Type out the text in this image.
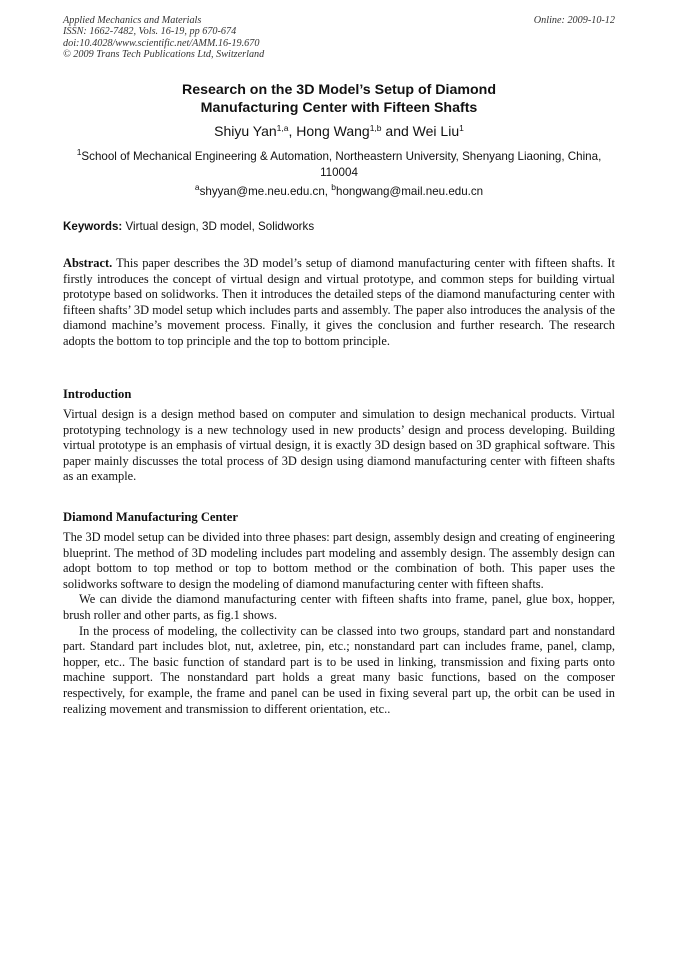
Applied Mechanics and Materials
ISSN: 1662-7482, Vols. 16-19, pp 670-674
doi:10.4028/www.scientific.net/AMM.16-19.670
© 2009 Trans Tech Publications Ltd, Switzerland
Online: 2009-10-12
Research on the 3D Model’s Setup of Diamond
Manufacturing Center with Fifteen Shafts
Shiyu Yan$^{1,a}$, Hong Wang$^{1,b}$ and Wei Liu$^1$
$^1$School of Mechanical Engineering & Automation, Northeastern University, Shenyang Liaoning, China, 110004
$^a$shyyan@me.neu.edu.cn, $^b$hongwang@mail.neu.edu.cn
Keywords: Virtual design, 3D model, Solidworks
Abstract. This paper describes the 3D model’s setup of diamond manufacturing center with fifteen shafts. It firstly introduces the concept of virtual design and virtual prototype, and common steps for building virtual prototype based on solidworks. Then it introduces the detailed steps of the diamond manufacturing center with fifteen shafts’ 3D model setup which includes parts and assembly. The paper also introduces the analysis of the diamond machine’s movement process. Finally, it gives the conclusion and further research. The research adopts the bottom to top principle and the top to bottom principle.
Introduction
Virtual design is a design method based on computer and simulation to design mechanical products. Virtual prototyping technology is a new technology used in new products’ design and process developing. Building virtual prototype is an emphasis of virtual design, it is exactly 3D design based on 3D graphical software. This paper mainly discusses the total process of 3D design using diamond manufacturing center with fifteen shafts as an example.
Diamond Manufacturing Center

The 3D model setup can be divided into three phases: part design, assembly design and creating of engineering blueprint. The method of 3D modeling includes part modeling and assembly design. The assembly design can adopt bottom to top method or top to bottom method or the combination of both. This paper uses the solidworks software to design the modeling of diamond manufacturing center with fifteen shafts.

We can divide the diamond manufacturing center with fifteen shafts into frame, panel, glue box, hopper, brush roller and other parts, as fig.1 shows.

In the process of modeling, the collectivity can be classed into two groups, standard part and nonstandard part. Standard part includes blot, nut, axletree, pin, etc.; nonstandard part can includes frame, panel, clamp, hopper, etc.. The basic function of standard part is to be used in linking, transmission and fixing parts onto machine support. The nonstandard part holds a great many basic functions, based on the composer respectively, for example, the frame and panel can be used in fixing several part up, the orbit can be used in realizing movement and transmission to different orientation, etc..
